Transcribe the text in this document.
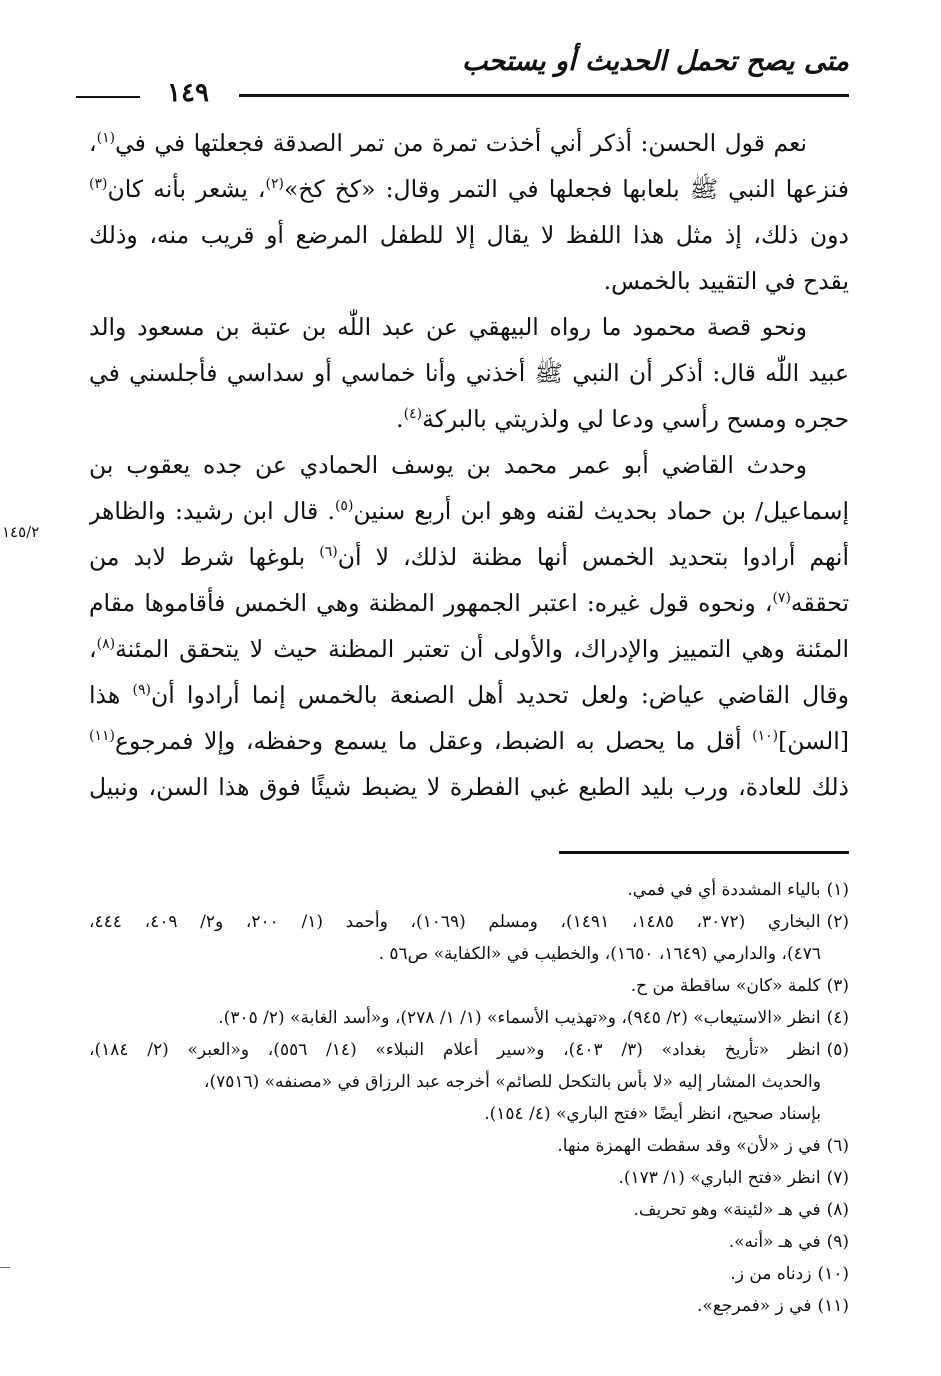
متى يصح تحمل الحديث أو يستحب
١٤٩
نعم قول الحسن: أذكر أني أخذت تمرة من تمر الصدقة فجعلتها في في$^{(١)}$،
فنزعها النبي ﷺ بلعابها فجعلها في التمر وقال: «كخ كخ»$^{(٢)}$، يشعر بأنه كان$^{(٣)}$
دون ذلك، إذ مثل هذا اللفظ لا يقال إلا للطفل المرضع أو قريب منه، وذلك
يقدح في التقييد بالخمس.
ونحو قصة محمود ما رواه البيهقي عن عبد اللّٰه بن عتبة بن مسعود والد
عبيد اللّٰه قال: أذكر أن النبي ﷺ أخذني وأنا خماسي أو سداسي فأجلسني في
حجره ومسح رأسي ودعا لي ولذريتي بالبركة$^{(٤)}$.
وحدث القاضي أبو عمر محمد بن يوسف الحمادي عن جده يعقوب بن
إسماعيل/ بن حماد بحديث لقنه وهو ابن أربع سنين$^{(٥)}$. قال ابن رشيد: والظاهر
أنهم أرادوا بتحديد الخمس أنها مظنة لذلك، لا أن$^{(٦)}$ بلوغها شرط لابد من
تحققه$^{(٧)}$، ونحوه قول غيره: اعتبر الجمهور المظنة وهي الخمس فأقاموها مقام
المئنة وهي التمييز والإدراك، والأولى أن تعتبر المظنة حيث لا يتحقق المئنة$^{(٨)}$،
وقال القاضي عياض: ولعل تحديد أهل الصنعة بالخمس إنما أرادوا أن$^{(٩)}$ هذا
[السن]$^{(١٠)}$ أقل ما يحصل به الضبط، وعقل ما يسمع وحفظه، وإلا فمرجوع$^{(١١)}$
ذلك للعادة، ورب بليد الطبع غبي الفطرة لا يضبط شيئًا فوق هذا السن، ونبيل
١٤٥/٢
(١)بالياء المشددة أي في فمي.
(٢)البخاري (٣٠٧٢، ١٤٨٥، ١٤٩١)، ومسلم (١٠٦٩)، وأحمد (١/ ٢٠٠، و٢/ ٤٠٩، ٤٤٤،
٤٧٦)، والدارمي (١٦٤٩، ١٦٥٠)، والخطيب في «الكفاية» ص٥٦ .
(٣)كلمة «كان» ساقطة من ح.
(٤)انظر «الاستيعاب» (٢/ ٩٤٥)، و«تهذيب الأسماء» (١/ ١/ ٢٧٨)، و«أسد الغابة» (٢/ ٣٠٥).
(٥)انظر «تأريخ بغداد» (٣/ ٤٠٣)، و«سير أعلام النبلاء» (١٤/ ٥٥٦)، و«العبر» (٢/ ١٨٤)،
والحديث المشار إليه «لا بأس بالتكحل للصائم» أخرجه عبد الرزاق في «مصنفه» (٧٥١٦)،
بإسناد صحيح، انظر أيضًا «فتح الباري» (٤/ ١٥٤).
(٦)في ز «لأن» وقد سقطت الهمزة منها.
(٧)انظر «فتح الباري» (١/ ١٧٣).
(٨)في هـ «لئينة» وهو تحريف.
(٩)في هـ «أنه».
(١٠)زدناه من ز.
(١١)في ز «فمرجع».
